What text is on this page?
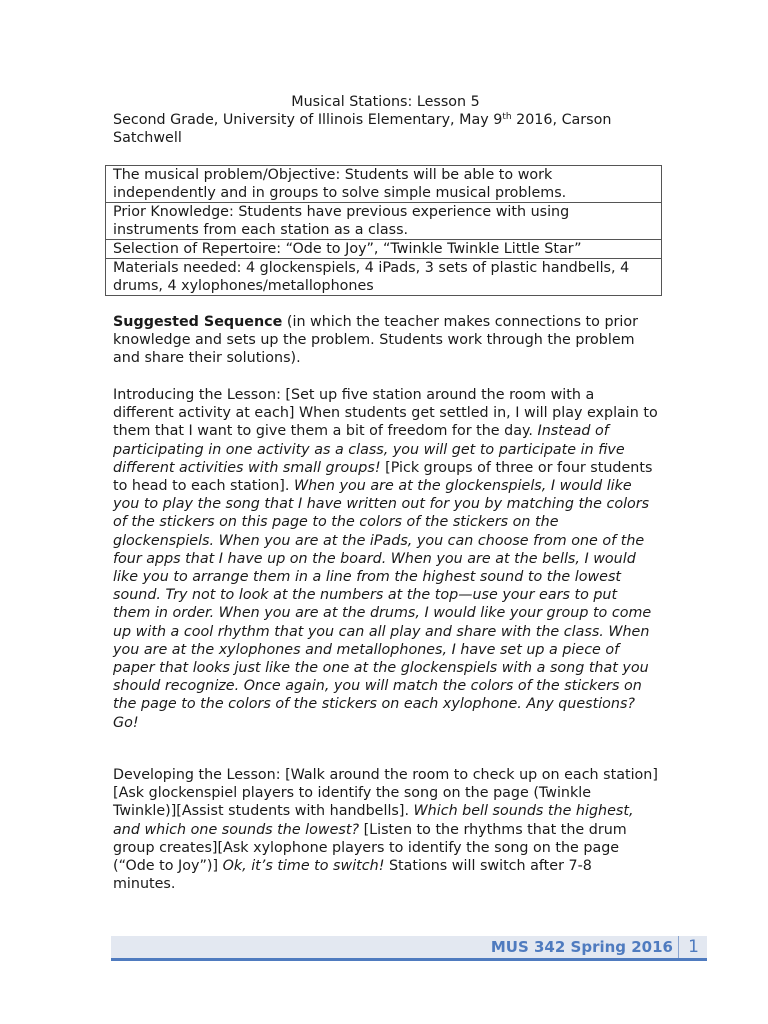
Musical Stations: Lesson 5
Second Grade, University of Illinois Elementary, May 9th 2016, Carson Satchwell
The musical problem/Objective: Students will be able to work independently and in groups to solve simple musical problems.
Prior Knowledge: Students have previous experience with using instruments from each station as a class.
Selection of Repertoire: “Ode to Joy”, “Twinkle Twinkle Little Star”
Materials needed: 4 glockenspiels, 4 iPads, 3 sets of plastic handbells, 4 drums, 4 xylophones/metallophones
Suggested Sequence (in which the teacher makes connections to prior knowledge and sets up the problem. Students work through the problem and share their solutions).
Introducing the Lesson: [Set up five station around the room with a different activity at each] When students get settled in, I will play explain to them that I want to give them a bit of freedom for the day. Instead of participating in one activity as a class, you will get to participate in five different activities with small groups! [Pick groups of three or four students to head to each station]. When you are at the glockenspiels, I would like you to play the song that I have written out for you by matching the colors of the stickers on this page to the colors of the stickers on the glockenspiels. When you are at the iPads, you can choose from one of the four apps that I have up on the board. When you are at the bells, I would like you to arrange them in a line from the highest sound to the lowest sound. Try not to look at the numbers at the top—use your ears to put them in order. When you are at the drums, I would like your group to come up with a cool rhythm that you can all play and share with the class. When you are at the xylophones and metallophones, I have set up a piece of paper that looks just like the one at the glockenspiels with a song that you should recognize. Once again, you will match the colors of the stickers on the page to the colors of the stickers on each xylophone. Any questions? Go!
Developing the Lesson: [Walk around the room to check up on each station] [Ask glockenspiel players to identify the song on the page (Twinkle Twinkle)][Assist students with handbells]. Which bell sounds the highest, and which one sounds the lowest? [Listen to the rhythms that the drum group creates][Ask xylophone players to identify the song on the page (“Ode to Joy”)] Ok, it’s time to switch! Stations will switch after 7-8 minutes.
MUS 342 Spring 2016 1
